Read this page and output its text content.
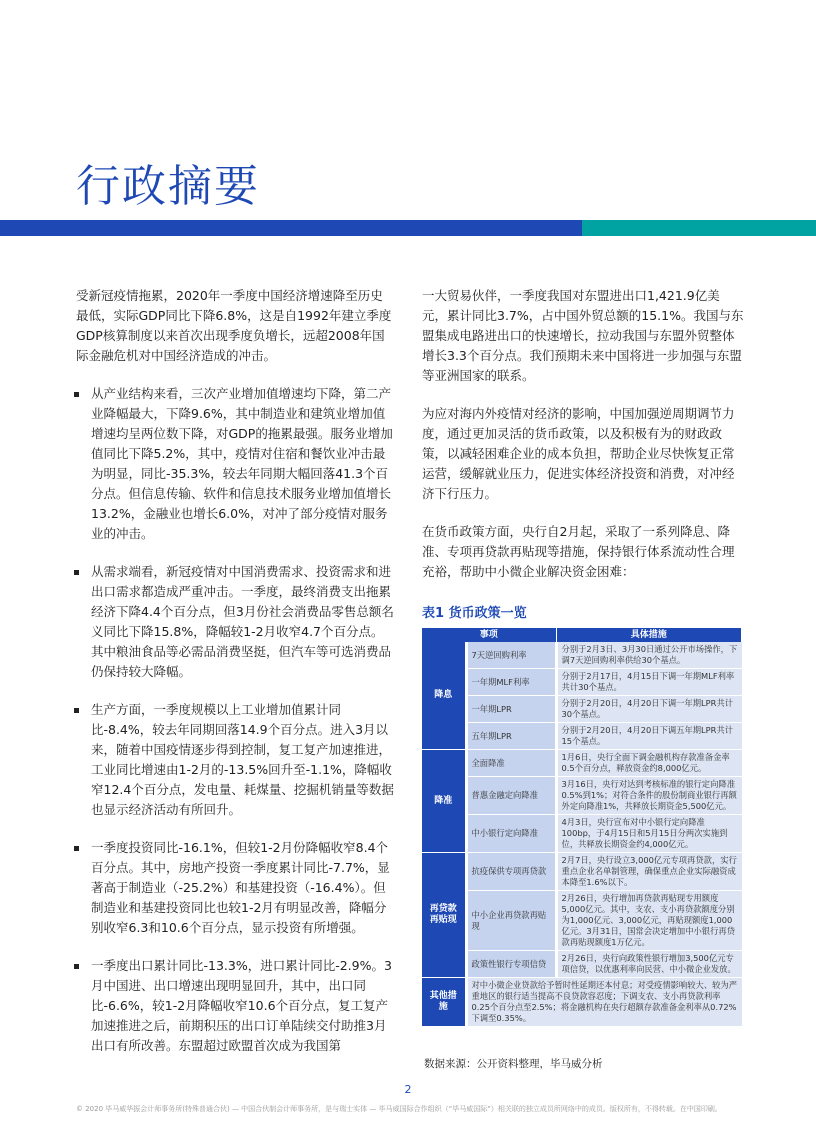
行政摘要

受新冠疫情拖累，2020年一季度中国经济增速降至历史最低，实际GDP同比下降6.8%，这是自1992年建立季度GDP核算制度以来首次出现季度负增长，远超2008年国际金融危机对中国经济造成的冲击。

从产业结构来看，三次产业增加值增速均下降，第二产业降幅最大，下降9.6%，其中制造业和建筑业增加值增速均呈两位数下降，对GDP的拖累最强。服务业增加值同比下降5.2%，其中，疫情对住宿和餐饮业冲击最为明显，同比-35.3%，较去年同期大幅回落41.3个百分点。但信息传输、软件和信息技术服务业增加值增长13.2%，金融业也增长6.0%，对冲了部分疫情对服务业的冲击。
从需求端看，新冠疫情对中国消费需求、投资需求和进出口需求都造成严重冲击。一季度，最终消费支出拖累经济下降4.4个百分点，但3月份社会消费品零售总额名义同比下降15.8%，降幅较1-2月收窄4.7个百分点。其中粮油食品等必需品消费坚挺，但汽车等可选消费品仍保持较大降幅。
生产方面，一季度规模以上工业增加值累计同比-8.4%，较去年同期回落14.9个百分点。进入3月以来，随着中国疫情逐步得到控制，复工复产加速推进，工业同比增速由1-2月的-13.5%回升至-1.1%，降幅收窄12.4个百分点，发电量、耗煤量、挖掘机销量等数据也显示经济活动有所回升。
一季度投资同比-16.1%，但较1-2月份降幅收窄8.4个百分点。其中，房地产投资一季度累计同比-7.7%，显著高于制造业（-25.2%）和基建投资（-16.4%）。但制造业和基建投资同比也较1-2月有明显改善，降幅分别收窄6.3和10.6个百分点，显示投资有所增强。
一季度出口累计同比-13.3%，进口累计同比-2.9%。3月中国进、出口增速出现明显回升，其中，出口同比-6.6%，较1-2月降幅收窄10.6个百分点，复工复产加速推进之后，前期积压的出口订单陆续交付助推3月出口有所改善。东盟超过欧盟首次成为我国第

一大贸易伙伴，一季度我国对东盟进出口1,421.9亿美元，累计同比3.7%，占中国外贸总额的15.1%。我国与东盟集成电路进出口的快速增长，拉动我国与东盟外贸整体增长3.3个百分点。我们预期未来中国将进一步加强与东盟等亚洲国家的联系。

为应对海内外疫情对经济的影响，中国加强逆周期调节力度，通过更加灵活的货币政策，以及积极有为的财政政策，以减轻困难企业的成本负担，帮助企业尽快恢复正常运营，缓解就业压力，促进实体经济投资和消费，对冲经济下行压力。

在货币政策方面，央行自2月起，采取了一系列降息、降准、专项再贷款再贴现等措施，保持银行体系流动性合理充裕，帮助中小微企业解决资金困难：

表1 货币政策一览
事项		具体措施
降息	7天逆回购利率	分别于2月3日、3月30日通过公开市场操作，下调7天逆回购利率供给30个基点。
	一年期MLF利率	分别于2月17日，4月15日下调一年期MLF利率共计30个基点。
	一年期LPR	分别于2月20日，4月20日下调一年期LPR共计30个基点。
	五年期LPR	分别于2月20日，4月20日下调五年期LPR共计15个基点。
降准	全面降准	1月6日，央行全面下调金融机构存款准备金率0.5个百分点，释放资金约8,000亿元。
	普惠金融定向降准	3月16日，央行对达到考核标准的银行定向降准0.5%到1%；对符合条件的股份制商业银行再额外定向降准1%，共释放长期资金5,500亿元。
	中小银行定向降准	4月3日，央行宣布对中小银行定向降准100bp，于4月15日和5月15日分两次实施到位，共释放长期资金约4,000亿元。
再贷款再贴现	抗疫保供专项再贷款	2月7日，央行设立3,000亿元专项再贷款，实行重点企业名单制管理，确保重点企业实际融资成本降至1.6%以下。
	中小企业再贷款再贴现	2月26日，央行增加再贷款再贴现专用额度5,000亿元。其中，支农、支小再贷款额度分别为1,000亿元、3,000亿元，再贴现额度1,000亿元。3月31日，国常会决定增加中小银行再贷款再贴现额度1万亿元。
	政策性银行专项信贷	2月26日，央行向政策性银行增加3,500亿元专项信贷，以优惠利率向民营、中小微企业发放。
其他措施	对中小微企业贷款给予暂时性延期还本付息；对受疫情影响较大、较为严重地区的银行适当提高不良贷款容忍度；下调支农、支小再贷款利率0.25个百分点至2.5%；将金融机构在央行超额存款准备金利率从0.72%下调至0.35%。	
数据来源：公开资料整理，毕马威分析
2
© 2020 毕马威华振会计师事务所(特殊普通合伙) — 中国合伙制会计师事务所，是与瑞士实体 — 毕马威国际合作组织（“毕马威国际”）相关联的独立成员所网络中的成员。版权所有，不得转载。在中国印刷。
